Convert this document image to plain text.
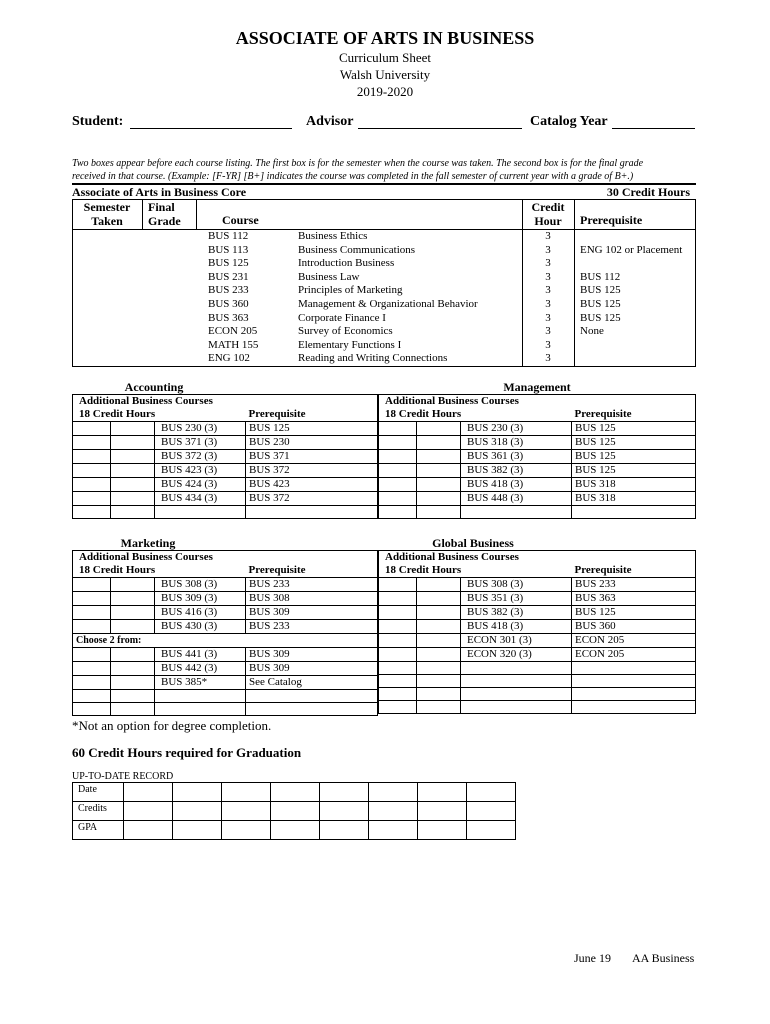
ASSOCIATE OF ARTS IN BUSINESS
Curriculum Sheet
Walsh University
2019-2020
Student:	Advisor	Catalog Year
Two boxes appear before each course listing. The first box is for the semester when the course was taken. The second box is for the final grade
received in that course. (Example: [F-YR] [B+] indicates the course was completed in the fall semester of current year with a grade of B+.)
Associate of Arts in Business Core	30 Credit Hours
Semester
Taken
Final
Grade	Course
Credit
Hour	Prerequisite
BUS 112	Business Ethics	3
BUS 113	Business Communications	3	ENG 102 or Placement
BUS 125	Introduction Business	3
BUS 231	Business Law	3	BUS 112
BUS 233	Principles of Marketing	3	BUS 125
BUS 360	Management & Organizational Behavior	3	BUS 125
BUS 363	Corporate Finance I	3	BUS 125
ECON 205	Survey of Economics	3	None
MATH 155	Elementary Functions I	3
ENG 102	Reading and Writing Connections	3
Accounting
Additional Business Courses			
18 Credit Hours			Prerequisite
		BUS 230 (3)	BUS 125
		BUS 371 (3)	BUS 230
		BUS 372 (3)	BUS 371
		BUS 423 (3)	BUS 372
		BUS 424 (3)	BUS 423
		BUS 434 (3)	BUS 372

Management
Additional Business Courses			
18 Credit Hours			Prerequisite
		BUS 230 (3)	BUS 125
		BUS 318 (3)	BUS 125
		BUS 361 (3)	BUS 125
		BUS 382 (3)	BUS 125
		BUS 418 (3)	BUS 318
		BUS 448 (3)	BUS 318

Marketing
Additional Business Courses			
18 Credit Hours			Prerequisite
		BUS 308 (3)	BUS 233
		BUS 309 (3)	BUS 308
		BUS 416 (3)	BUS 309
		BUS 430 (3)	BUS 233
Choose 2 from:			
		BUS 441 (3)	BUS 309
		BUS 442 (3)	BUS 309
		BUS 385*	See Catalog

Global Business
Additional Business Courses			
18 Credit Hours			Prerequisite
		BUS 308 (3)	BUS 233
		BUS 351 (3)	BUS 363
		BUS 382 (3)	BUS 125
		BUS 418 (3)	BUS 360
		ECON 301 (3)	ECON 205
		ECON 320 (3)	ECON 205

*Not an option for degree completion.
60 Credit Hours required for Graduation
UP-TO-DATE RECORD
Date								
Credits								
GPA								
June 19 AA Business
